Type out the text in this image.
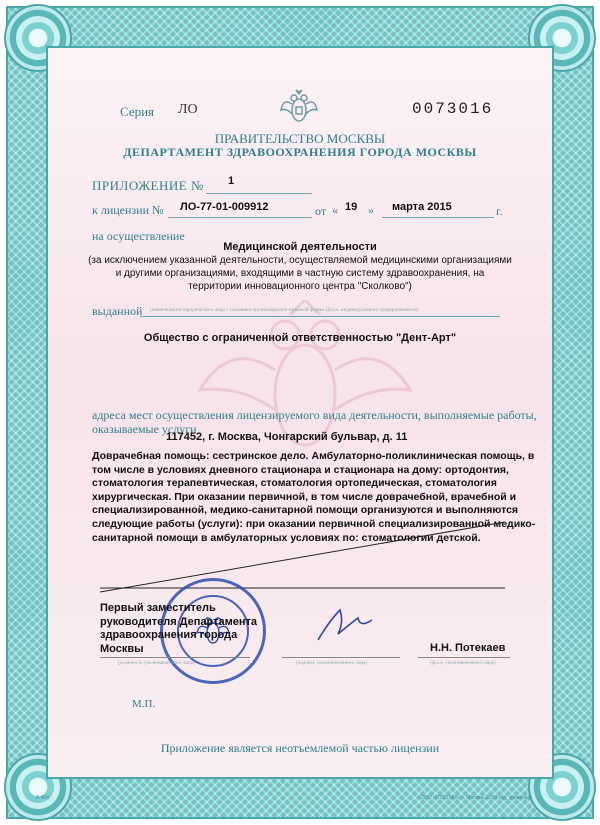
Серия ЛО	0073016
ПРАВИТЕЛЬСТВО МОСКВЫ
ДЕПАРТАМЕНТ ЗДРАВООХРАНЕНИЯ ГОРОДА МОСКВЫ
ПРИЛОЖЕНИЕ № 1
к лицензии № ЛО-77-01-009912	от « 19 » марта 2015	г.
на осуществление
Медицинской деятельности
(за исключением указанной деятельности, осуществляемой медицинскими организациями
и другими организациями, входящими в частную систему здравоохранения, на
территории инновационного центра "Сколково")
выданной (наименование юридического лица с указанием организационно-правовой формы (ф.и.о. индивидуального предпринимателя)
Общество с ограниченной ответственностью "Дент-Арт"
адреса мест осуществления лицензируемого вида деятельности, выполняемые работы,
оказываемые услуги
117452, г. Москва, Чонгарский бульвар, д. 11
Доврачебная помощь: сестринское дело. Амбулаторно-поликлиническая помощь, в
том числе в условиях дневного стационара и стационара на дому: ортодонтия,
стоматология терапевтическая, стоматология ортопедическая, стоматология
хирургическая. При оказании первичной, в том числе доврачебной, врачебной и
специализированной, медико-санитарной помощи организуются и выполняются
следующие работы (услуги): при оказании первичной специализированной медико-
санитарной помощи в амбулаторных условиях по: стоматологии детской.
Первый заместитель
руководителя Департамента
здравоохранения города
Москвы
(должность уполномоченного лица)	(подпись уполномоченного лица)
Н.Н. Потекаев
(ф.и.о. уполномоченного лица)
М.П.
Приложение является неотъемлемой частью лицензии
А 404	ООО «ПТСТМИ», г. Москва, 2014 год, уровень Б
